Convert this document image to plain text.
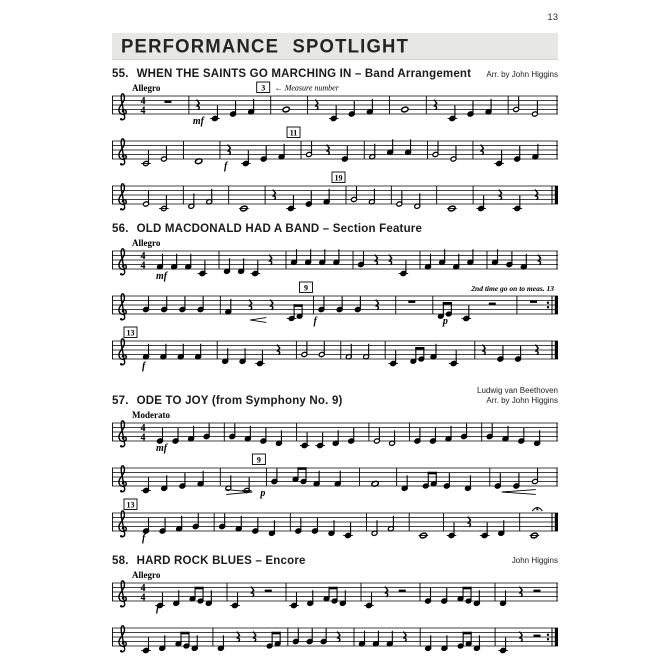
13
PERFORMANCE SPOTLIGHT
55. WHEN THE SAINTS GO MARCHING IN – Band Arrangement Arr. by John Higgins
4
4
Allegro	3 ← Measure number
mf
11
f
19
56. OLD MACDONALD HAD A BAND – Section Feature
4
4
Allegro
mf
9	2nd time go on to meas. 13
f	p
13
f
57. ODE TO JOY (from Symphony No. 9)
Ludwig van Beethoven
Arr. by John Higgins
4
4
Moderato
mf
9
p
13
f
58. HARD ROCK BLUES – Encore	John Higgins
4
4
Allegro
f
